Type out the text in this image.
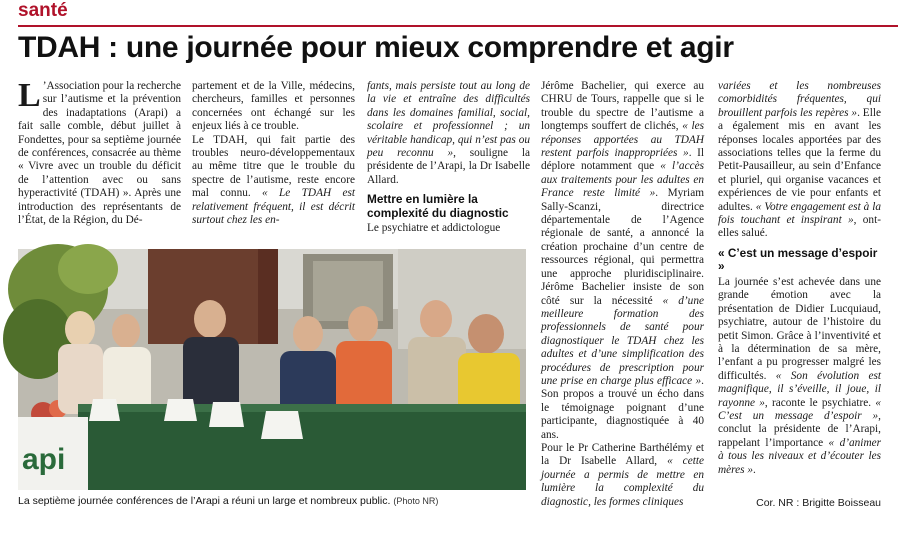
santé
TDAH : une journée pour mieux comprendre et agir

L ’Association pour la recherche sur l’autisme et la prévention des inadaptations (Arapi) a fait salle comble, début juillet à Fondettes, pour sa septième journée de conférences, consacrée au thème « Vivre avec un trouble du déficit de l’attention avec ou sans hyperactivité (TDAH) ». Après une introduction des représentants de l’État, de la Région, du Dé-

partement et de la Ville, médecins, chercheurs, familles et personnes concernées ont échangé sur les enjeux liés à ce trouble.

Le TDAH, qui fait partie des troubles neuro-développementaux au même titre que le trouble du spectre de l’autisme, reste encore mal connu. « Le TDAH est relativement fréquent, il est décrit surtout chez les en-

fants, mais persiste tout au long de la vie et entraîne des difficultés dans les domaines familial, social, scolaire et professionnel ; un véritable handicap, qui n’est pas ou peu reconnu », souligne la présidente de l’Arapi, la Dr Isabelle Allard.

Mettre en lumière la complexité du diagnostic

Le psychiatre et addictologue

Jérôme Bachelier, qui exerce au CHRU de Tours, rappelle que si le trouble du spectre de l’autisme a longtemps souffert de clichés, « les réponses apportées au TDAH restent parfois inappropriées ». Il déplore notamment que « l’accès aux traitements pour les adultes en France reste limité ». Myriam Sally-Scanzi, directrice départementale de l’Agence régionale de santé, a annoncé la création prochaine d’un centre de ressources régional, qui permettra une approche pluridisciplinaire. Jérôme Bachelier insiste de son côté sur la nécessité « d’une meilleure formation des professionnels de santé pour diagnostiquer le TDAH chez les adultes et d’une simplification des procédures de prescription pour une prise en charge plus efficace ». Son propos a trouvé un écho dans le témoignage poignant d’une participante, diagnostiquée à 40 ans.

Pour le Pr Catherine Barthélémy et la Dr Isabelle Allard, « cette journée a permis de mettre en lumière la complexité du diagnostic, les formes cliniques

variées et les nombreuses comorbidités fréquentes, qui brouillent parfois les repères ». Elle a également mis en avant les réponses locales apportées par des associations telles que la ferme du Petit-Pausailleur, au sein d’Enfance et pluriel, qui organise vacances et expériences de vie pour enfants et adultes. « Votre engagement est à la fois touchant et inspirant », ont-elles salué.

« C’est un message d’espoir »

La journée s’est achevée dans une grande émotion avec la présentation de Didier Lucquiaud, psychiatre, autour de l’histoire du petit Simon. Grâce à l’inventivité et à la détermination de sa mère, l’enfant a pu progresser malgré les difficultés. « Son évolution est magnifique, il s’éveille, il joue, il rayonne », raconte le psychiatre. « C’est un message d’espoir », conclut la présidente de l’Arapi, rappelant l’importance « d’animer à tous les niveaux et d’écouter les mères ».

Cor. NR : Brigitte Boisseau
api
La septième journée conférences de l’Arapi a réuni un large et nombreux public. (Photo NR)
